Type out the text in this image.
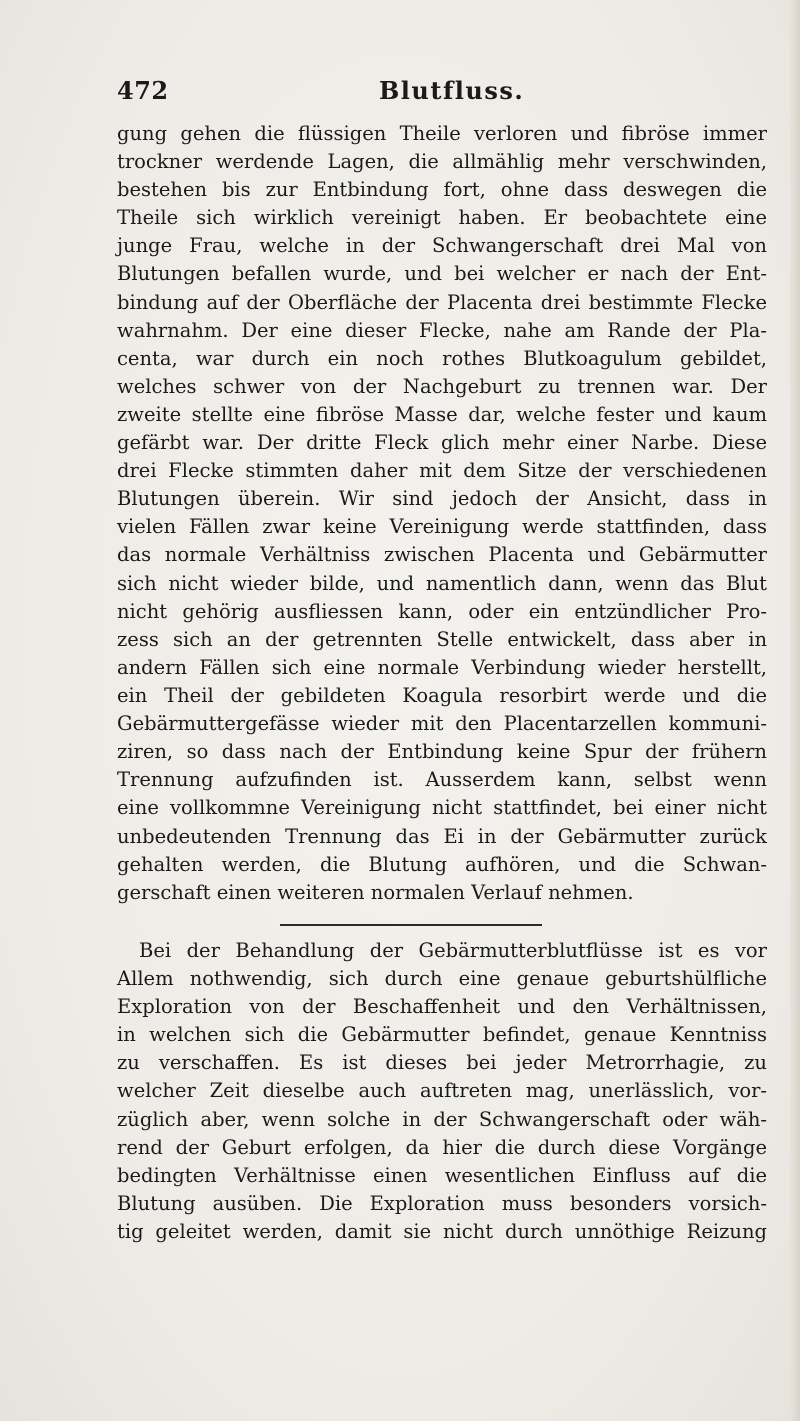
472	Blutfluss.
gung gehen die flüssigen Theile verloren und fibröse immer
trockner werdende Lagen, die allmählig mehr verschwinden,
bestehen bis zur Entbindung fort, ohne dass deswegen die
Theile sich wirklich vereinigt haben. Er beobachtete eine
junge Frau, welche in der Schwangerschaft drei Mal von
Blutungen befallen wurde, und bei welcher er nach der Ent-
bindung auf der Oberfläche der Placenta drei bestimmte Flecke
wahrnahm. Der eine dieser Flecke, nahe am Rande der Pla-
centa, war durch ein noch rothes Blutkoagulum gebildet,
welches schwer von der Nachgeburt zu trennen war. Der
zweite stellte eine fibröse Masse dar, welche fester und kaum
gefärbt war. Der dritte Fleck glich mehr einer Narbe. Diese
drei Flecke stimmten daher mit dem Sitze der verschiedenen
Blutungen überein. Wir sind jedoch der Ansicht, dass in
vielen Fällen zwar keine Vereinigung werde stattfinden, dass
das normale Verhältniss zwischen Placenta und Gebärmutter
sich nicht wieder bilde, und namentlich dann, wenn das Blut
nicht gehörig ausfliessen kann, oder ein entzündlicher Pro-
zess sich an der getrennten Stelle entwickelt, dass aber in
andern Fällen sich eine normale Verbindung wieder herstellt,
ein Theil der gebildeten Koagula resorbirt werde und die
Gebärmuttergefässe wieder mit den Placentarzellen kommuni-
ziren, so dass nach der Entbindung keine Spur der frühern
Trennung aufzufinden ist. Ausserdem kann, selbst wenn
eine vollkommne Vereinigung nicht stattfindet, bei einer nicht
unbedeutenden Trennung das Ei in der Gebärmutter zurück
gehalten werden, die Blutung aufhören, und die Schwan-
gerschaft einen weiteren normalen Verlauf nehmen.
Bei der Behandlung der Gebärmutterblutflüsse ist es vor
Allem nothwendig, sich durch eine genaue geburtshülfliche
Exploration von der Beschaffenheit und den Verhältnissen,
in welchen sich die Gebärmutter befindet, genaue Kenntniss
zu verschaffen. Es ist dieses bei jeder Metrorrhagie, zu
welcher Zeit dieselbe auch auftreten mag, unerlässlich, vor-
züglich aber, wenn solche in der Schwangerschaft oder wäh-
rend der Geburt erfolgen, da hier die durch diese Vorgänge
bedingten Verhältnisse einen wesentlichen Einfluss auf die
Blutung ausüben. Die Exploration muss besonders vorsich-
tig geleitet werden, damit sie nicht durch unnöthige Reizung
